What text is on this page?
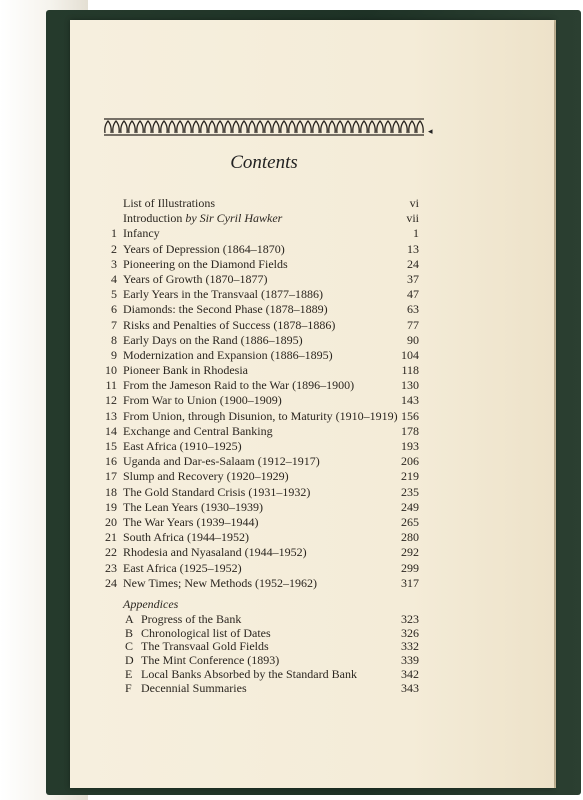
◂
Contents
List of Illustrations	vi
Introduction by Sir Cyril Hawker	vii
1 Infancy	1
2 Years of Depression (1864–1870)	13
3 Pioneering on the Diamond Fields	24
4 Years of Growth (1870–1877)	37
5 Early Years in the Transvaal (1877–1886)	47
6 Diamonds: the Second Phase (1878–1889)	63
7 Risks and Penalties of Success (1878–1886)	77
8 Early Days on the Rand (1886–1895)	90
9 Modernization and Expansion (1886–1895)	104
10 Pioneer Bank in Rhodesia	118
11 From the Jameson Raid to the War (1896–1900)	130
12 From War to Union (1900–1909)	143
13 From Union, through Disunion, to Maturity (1910–1919) 156
14 Exchange and Central Banking	178
15 East Africa (1910–1925)	193
16 Uganda and Dar-es-Salaam (1912–1917)	206
17 Slump and Recovery (1920–1929)	219
18 The Gold Standard Crisis (1931–1932)	235
19 The Lean Years (1930–1939)	249
20 The War Years (1939–1944)	265
21 South Africa (1944–1952)	280
22 Rhodesia and Nyasaland (1944–1952)	292
23 East Africa (1925–1952)	299
24 New Times; New Methods (1952–1962)	317
Appendices
A Progress of the Bank	323
B Chronological list of Dates	326
C The Transvaal Gold Fields	332
D The Mint Conference (1893)	339
E Local Banks Absorbed by the Standard Bank	342
F Decennial Summaries	343
